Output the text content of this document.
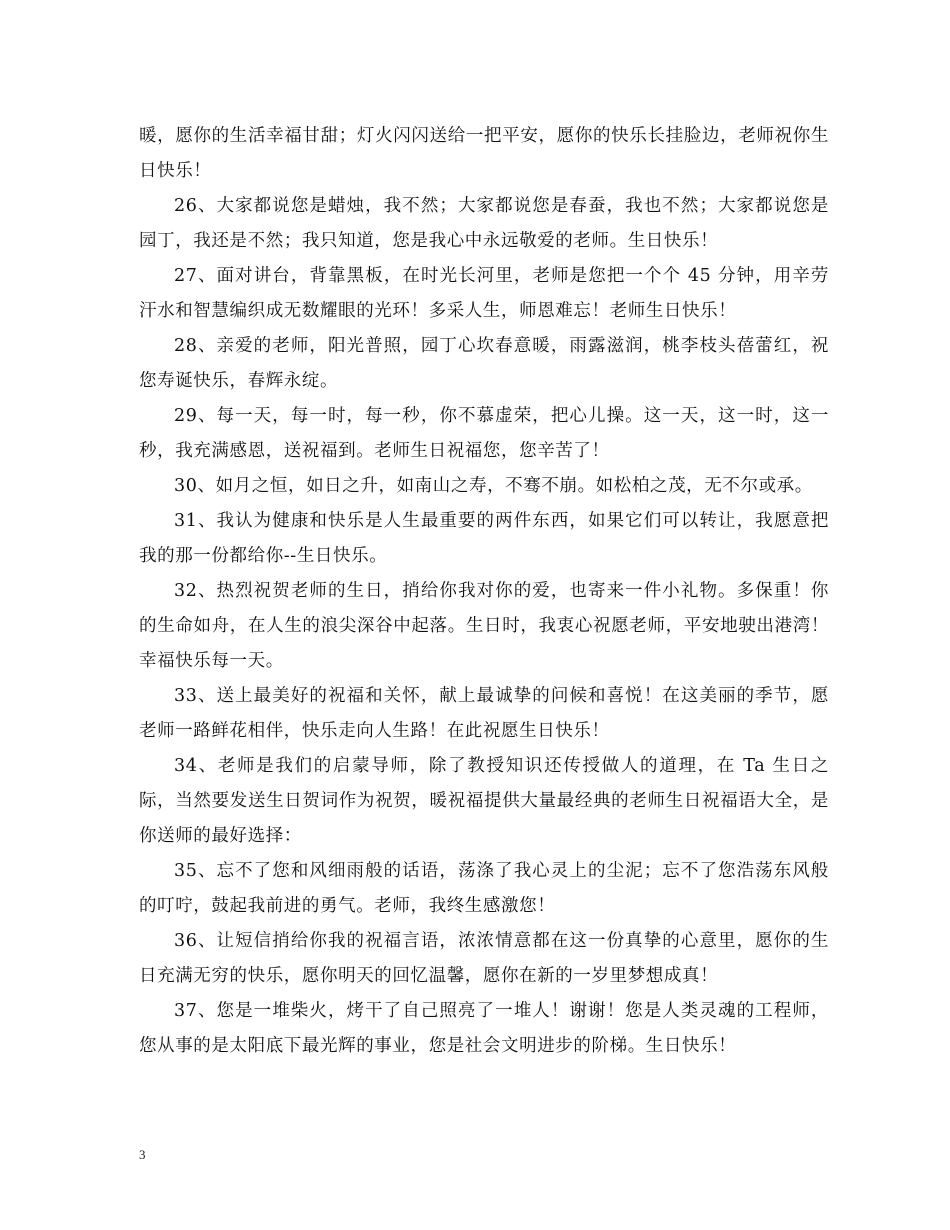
暖，愿你的生活幸福甘甜；灯火闪闪送给一把平安，愿你的快乐长挂脸边，老师祝你生日快乐！

26、大家都说您是蜡烛，我不然；大家都说您是春蚕，我也不然；大家都说您是园丁，我还是不然；我只知道，您是我心中永远敬爱的老师。生日快乐！

27、面对讲台，背靠黑板，在时光长河里，老师是您把一个个 45 分钟，用辛劳汗水和智慧编织成无数耀眼的光环！多采人生，师恩难忘！老师生日快乐！

28、亲爱的老师，阳光普照，园丁心坎春意暖，雨露滋润，桃李枝头蓓蕾红，祝您寿诞快乐，春辉永绽。

29、每一天，每一时，每一秒，你不慕虚荣，把心儿操。这一天，这一时，这一秒，我充满感恩，送祝福到。老师生日祝福您，您辛苦了！

30、如月之恒，如日之升，如南山之寿，不骞不崩。如松柏之茂，无不尔或承。

31、我认为健康和快乐是人生最重要的两件东西，如果它们可以转让，我愿意把我的那一份都给你--生日快乐。

32、热烈祝贺老师的生日，捎给你我对你的爱，也寄来一件小礼物。多保重！你的生命如舟，在人生的浪尖深谷中起落。生日时，我衷心祝愿老师，平安地驶出港湾！幸福快乐每一天。

33、送上最美好的祝福和关怀，献上最诚挚的问候和喜悦！在这美丽的季节，愿老师一路鲜花相伴，快乐走向人生路！在此祝愿生日快乐！

34、老师是我们的启蒙导师，除了教授知识还传授做人的道理，在 Ta 生日之际，当然要发送生日贺词作为祝贺，暖祝福提供大量最经典的老师生日祝福语大全，是你送师的最好选择：

35、忘不了您和风细雨般的话语，荡涤了我心灵上的尘泥；忘不了您浩荡东风般的叮咛，鼓起我前进的勇气。老师，我终生感激您！

36、让短信捎给你我的祝福言语，浓浓情意都在这一份真挚的心意里，愿你的生日充满无穷的快乐，愿你明天的回忆温馨，愿你在新的一岁里梦想成真！

37、您是一堆柴火，烤干了自己照亮了一堆人！谢谢！您是人类灵魂的工程师，您从事的是太阳底下最光辉的事业，您是社会文明进步的阶梯。生日快乐！

3
